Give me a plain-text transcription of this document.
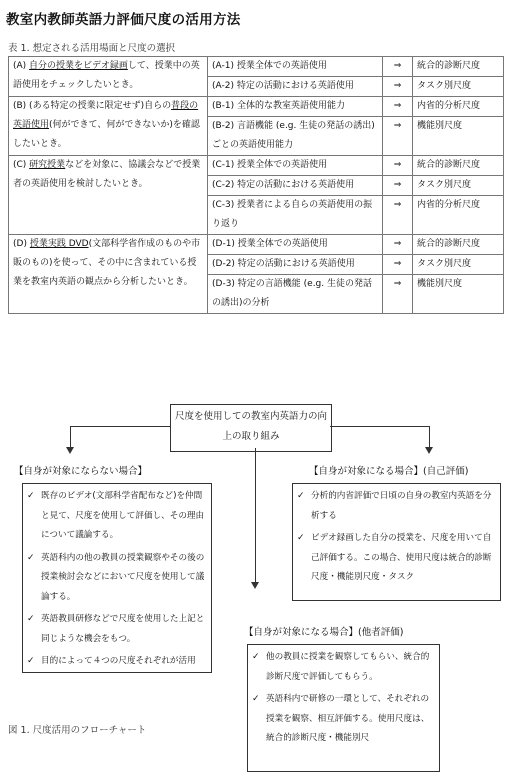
教室内教師英語力評価尺度の活用方法
表 1. 想定される活用場面と尺度の選択
(A) 自分の授業をビデオ録画して、授業中の英語使用をチェックしたいとき。	(A-1) 授業全体での英語使用	⇒	統合的診断尺度
	(A-2) 特定の活動における英語使用	⇒	タスク別尺度
(B) (ある特定の授業に限定せず)自らの普段の英語使用(何ができて、何ができないか)を確認したいとき。	(B-1) 全体的な教室英語使用能力	⇒	内省的分析尺度
	(B-2) 言語機能 (e.g. 生徒の発話の誘出)ごとの英語使用能力	⇒	機能別尺度
(C) 研究授業などを対象に、協議会などで授業者の英語使用を検討したいとき。	(C-1) 授業全体での英語使用	⇒	統合的診断尺度
	(C-2) 特定の活動における英語使用	⇒	タスク別尺度
	(C-3) 授業者による自らの英語使用の振り返り	⇒	内省的分析尺度
(D) 授業実践 DVD(文部科学省作成のものや市販のもの)を使って、その中に含まれている授業を教室内英語の観点から分析したいとき。	(D-1) 授業全体での英語使用	⇒	統合的診断尺度
	(D-2) 特定の活動における英語使用	⇒	タスク別尺度
	(D-3) 特定の言語機能 (e.g. 生徒の発話の誘出)の分析	⇒	機能別尺度
尺度を使用しての教室内英語力の向上の取り組み
【自身が対象にならない場合】
✓ 既存のビデオ(文部科学省配布など)を仲間と見て、尺度を使用して評価し、その理由について議論する。
✓ 英語科内の他の教員の授業観察やその後の授業検討会などにおいて尺度を使用して議論する。
✓ 英語教員研修などで尺度を使用した上記と同じような機会をもつ。
✓ 目的によって４つの尺度それぞれが活用
【自身が対象になる場合】(自己評価)
✓ 分析的内省評価で日頃の自身の教室内英語を分析する
✓ ビデオ録画した自分の授業を、尺度を用いて自己評価する。この場合、使用尺度は統合的診断尺度・機能別尺度・タスク
【自身が対象になる場合】(他者評価)
✓ 他の教員に授業を観察してもらい、統合的診断尺度で評価してもらう。
✓ 英語科内で研修の一環として、それぞれの授業を観察、相互評価する。使用尺度は、統合的診断尺度・機能別尺
図 1. 尺度活用のフローチャート
